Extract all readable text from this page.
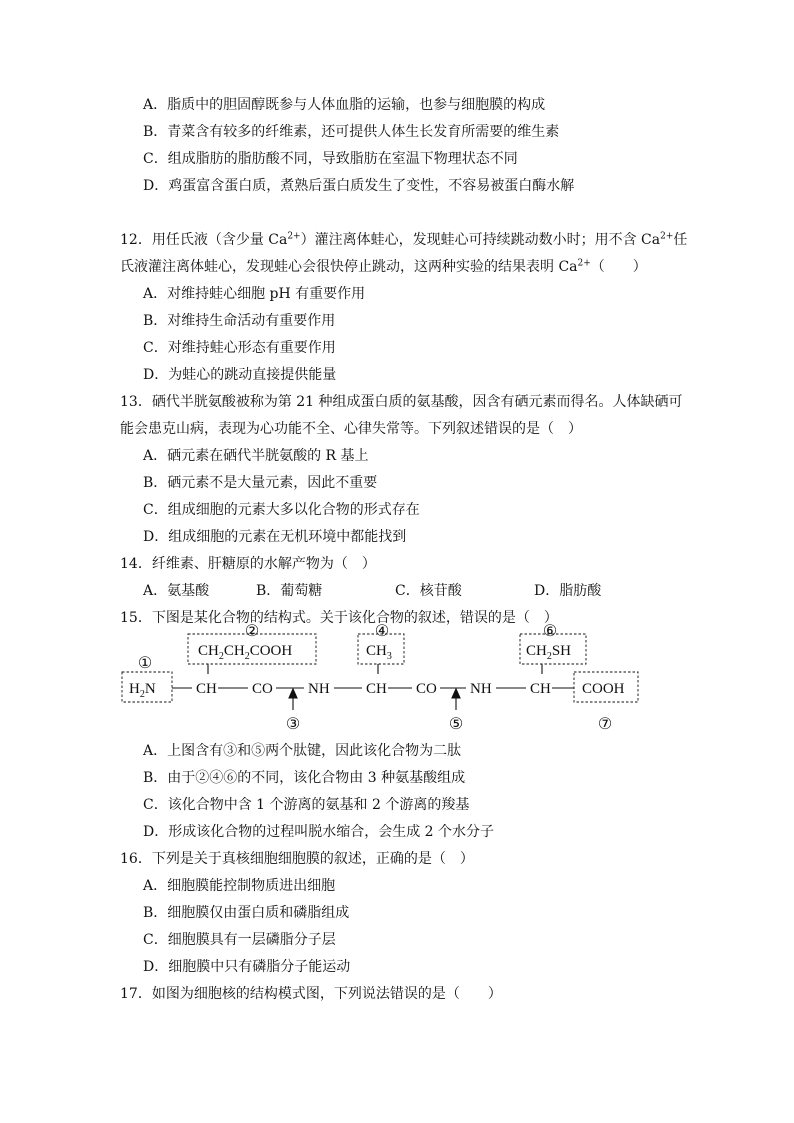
A．脂质中的胆固醇既参与人体血脂的运输，也参与细胞膜的构成
B．青菜含有较多的纤维素，还可提供人体生长发育所需要的维生素
C．组成脂肪的脂肪酸不同，导致脂肪在室温下物理状态不同
D．鸡蛋富含蛋白质，煮熟后蛋白质发生了变性，不容易被蛋白酶水解
12．用任氏液（含少量 $Ca^{2+}$）灌注离体蛙心，发现蛙心可持续跳动数小时；用不含 $Ca^{2+}$任
氏液灌注离体蛙心，发现蛙心会很快停止跳动，这两种实验的结果表明 $Ca^{2+}$（　　）
A．对维持蛙心细胞 pH 有重要作用
B．对维持生命活动有重要作用
C．对维持蛙心形态有重要作用
D．为蛙心的跳动直接提供能量
13．硒代半胱氨酸被称为第 21 种组成蛋白质的氨基酸，因含有硒元素而得名。人体缺硒可
能会患克山病，表现为心功能不全、心律失常等。下列叙述错误的是（　）
A．硒元素在硒代半胱氨酸的 R 基上
B．硒元素不是大量元素，因此不重要
C．组成细胞的元素大多以化合物的形式存在
D．组成细胞的元素在无机环境中都能找到
14．纤维素、肝糖原的水解产物为（　）
A．氨基酸	B．葡萄糖	C．核苷酸	D．脂肪酸
15．下图是某化合物的结构式。关于该化合物的叙述，错误的是（　）
②	④	⑥
①
③	⑤	⑦
$CH_2CH_2COOH$	$CH_3$	$CH_2SH$
$H_2N$	CH CO NH CH CO NH	CH COOH
A．上图含有③和⑤两个肽键，因此该化合物为二肽
B．由于②④⑥的不同，该化合物由 3 种氨基酸组成
C．该化合物中含 1 个游离的氨基和 2 个游离的羧基
D．形成该化合物的过程叫脱水缩合，会生成 2 个水分子
16．下列是关于真核细胞细胞膜的叙述，正确的是（　）
A．细胞膜能控制物质进出细胞
B．细胞膜仅由蛋白质和磷脂组成
C．细胞膜具有一层磷脂分子层
D．细胞膜中只有磷脂分子能运动
17．如图为细胞核的结构模式图，下列说法错误的是（　　）
